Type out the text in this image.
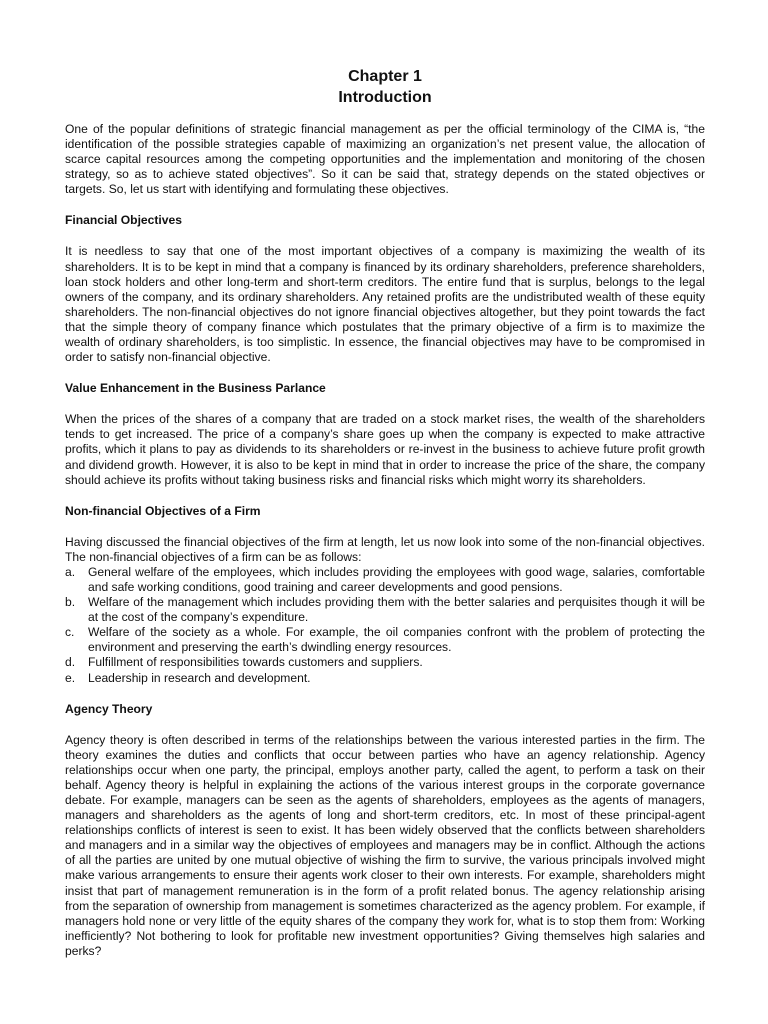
Chapter 1
Introduction

One of the popular definitions of strategic financial management as per the official terminology of the CIMA is, “the identification of the possible strategies capable of maximizing an organization’s net present value, the allocation of scarce capital resources among the competing opportunities and the implementation and monitoring of the chosen strategy, so as to achieve stated objectives”. So it can be said that, strategy depends on the stated objectives or targets. So, let us start with identifying and formulating these objectives.

Financial Objectives

It is needless to say that one of the most important objectives of a company is maximizing the wealth of its shareholders. It is to be kept in mind that a company is financed by its ordinary shareholders, preference shareholders, loan stock holders and other long-term and short-term creditors. The entire fund that is surplus, belongs to the legal owners of the company, and its ordinary shareholders. Any retained profits are the undistributed wealth of these equity shareholders. The non-financial objectives do not ignore financial objectives altogether, but they point towards the fact that the simple theory of company finance which postulates that the primary objective of a firm is to maximize the wealth of ordinary shareholders, is too simplistic. In essence, the financial objectives may have to be compromised in order to satisfy non-financial objective.

Value Enhancement in the Business Parlance

When the prices of the shares of a company that are traded on a stock market rises, the wealth of the shareholders tends to get increased. The price of a company’s share goes up when the company is expected to make attractive profits, which it plans to pay as dividends to its shareholders or re-invest in the business to achieve future profit growth and dividend growth. However, it is also to be kept in mind that in order to increase the price of the share, the company should achieve its profits without taking business risks and financial risks which might worry its shareholders.

Non-financial Objectives of a Firm

Having discussed the financial objectives of the firm at length, let us now look into some of the non-financial objectives. The non-financial objectives of a firm can be as follows:

a. General welfare of the employees, which includes providing the employees with good wage, salaries, comfortable and safe working conditions, good training and career developments and good pensions.
b. Welfare of the management which includes providing them with the better salaries and perquisites though it will be at the cost of the company’s expenditure.
c. Welfare of the society as a whole. For example, the oil companies confront with the problem of protecting the environment and preserving the earth’s dwindling energy resources.
d. Fulfillment of responsibilities towards customers and suppliers.
e. Leadership in research and development.
Agency Theory

Agency theory is often described in terms of the relationships between the various interested parties in the firm. The theory examines the duties and conflicts that occur between parties who have an agency relationship. Agency relationships occur when one party, the principal, employs another party, called the agent, to perform a task on their behalf. Agency theory is helpful in explaining the actions of the various interest groups in the corporate governance debate. For example, managers can be seen as the agents of shareholders, employees as the agents of managers, managers and shareholders as the agents of long and short-term creditors, etc. In most of these principal-agent relationships conflicts of interest is seen to exist. It has been widely observed that the conflicts between shareholders and managers and in a similar way the objectives of employees and managers may be in conflict. Although the actions of all the parties are united by one mutual objective of wishing the firm to survive, the various principals involved might make various arrangements to ensure their agents work closer to their own interests. For example, shareholders might insist that part of management remuneration is in the form of a profit related bonus. The agency relationship arising from the separation of ownership from management is sometimes characterized as the agency problem. For example, if managers hold none or very little of the equity shares of the company they work for, what is to stop them from: Working inefficiently? Not bothering to look for profitable new investment opportunities? Giving themselves high salaries and perks?
